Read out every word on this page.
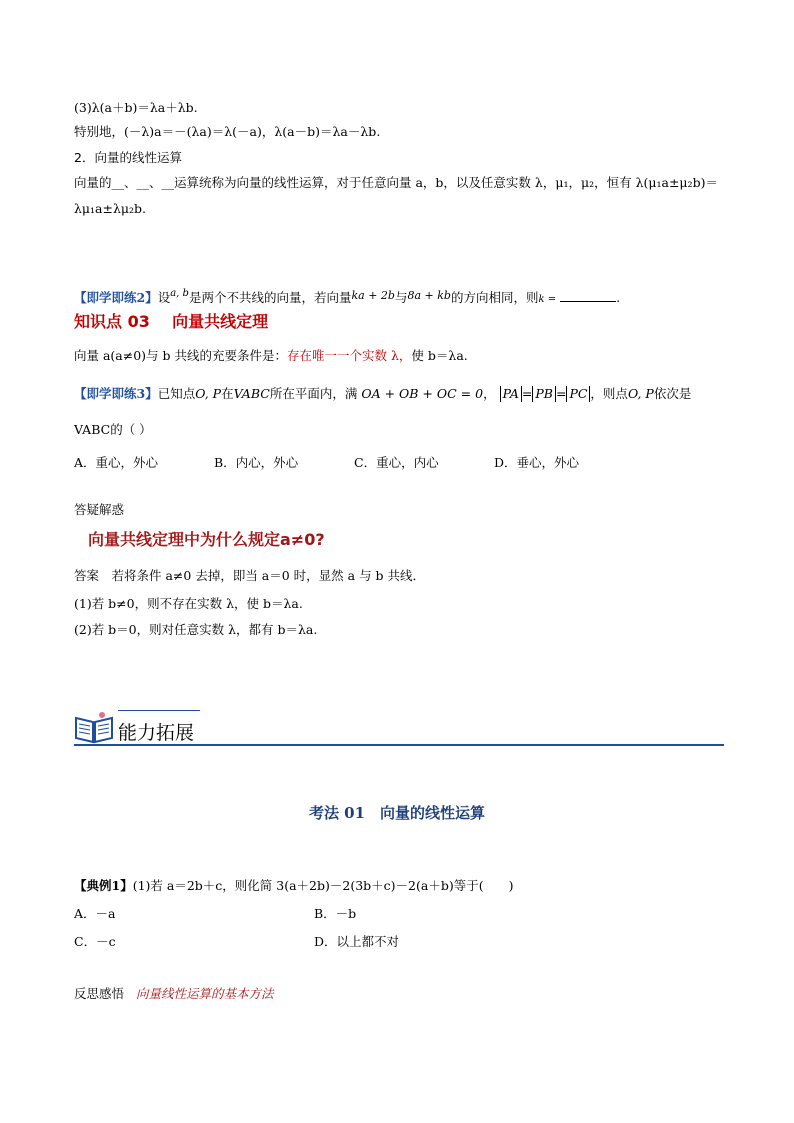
(3)λ(a＋b)＝λa＋λb.
特别地，(－λ)a＝－(λa)＝λ(－a)，λ(a－b)＝λa－λb.
2．向量的线性运算
向量的__、__、__运算统称为向量的线性运算，对于任意向量 a，b，以及任意实数 λ，μ₁，μ₂，恒有 λ(μ₁a±μ₂b)＝λμ₁a±λμ₂b.
【即学即练2】设$^{a, b}$是两个不共线的向量，若向量ka + 2b与8a + kb的方向相同，则k =	.
知识点 03 向量共线定理
向量 a(a≠0)与 b 共线的充要条件是：存在唯一一个实数 λ，使 b＝λa.
【即学即练3】已知点O, P在VABC所在平面内，满 OA + OB + OC = 0， PA = PB = PC ，则点O, P依次是
VABC的（ ）
A．重心，外心	B．内心，外心	C．重心，内心	D．垂心，外心
答疑解惑
向量共线定理中为什么规定a≠0?
答案　若将条件 a≠0 去掉，即当 a＝0 时，显然 a 与 b 共线．
(1)若 b≠0，则不存在实数 λ，使 b＝λa.
(2)若 b＝0，则对任意实数 λ，都有 b＝λa.
能力拓展
考法 01　向量的线性运算
【典例1】(1)若 a＝2b＋c，则化简 3(a＋2b)－2(3b＋c)－2(a＋b)等于(　　)
A．－a	B．－b
C．－c	D．以上都不对
反思感悟 向量线性运算的基本方法
